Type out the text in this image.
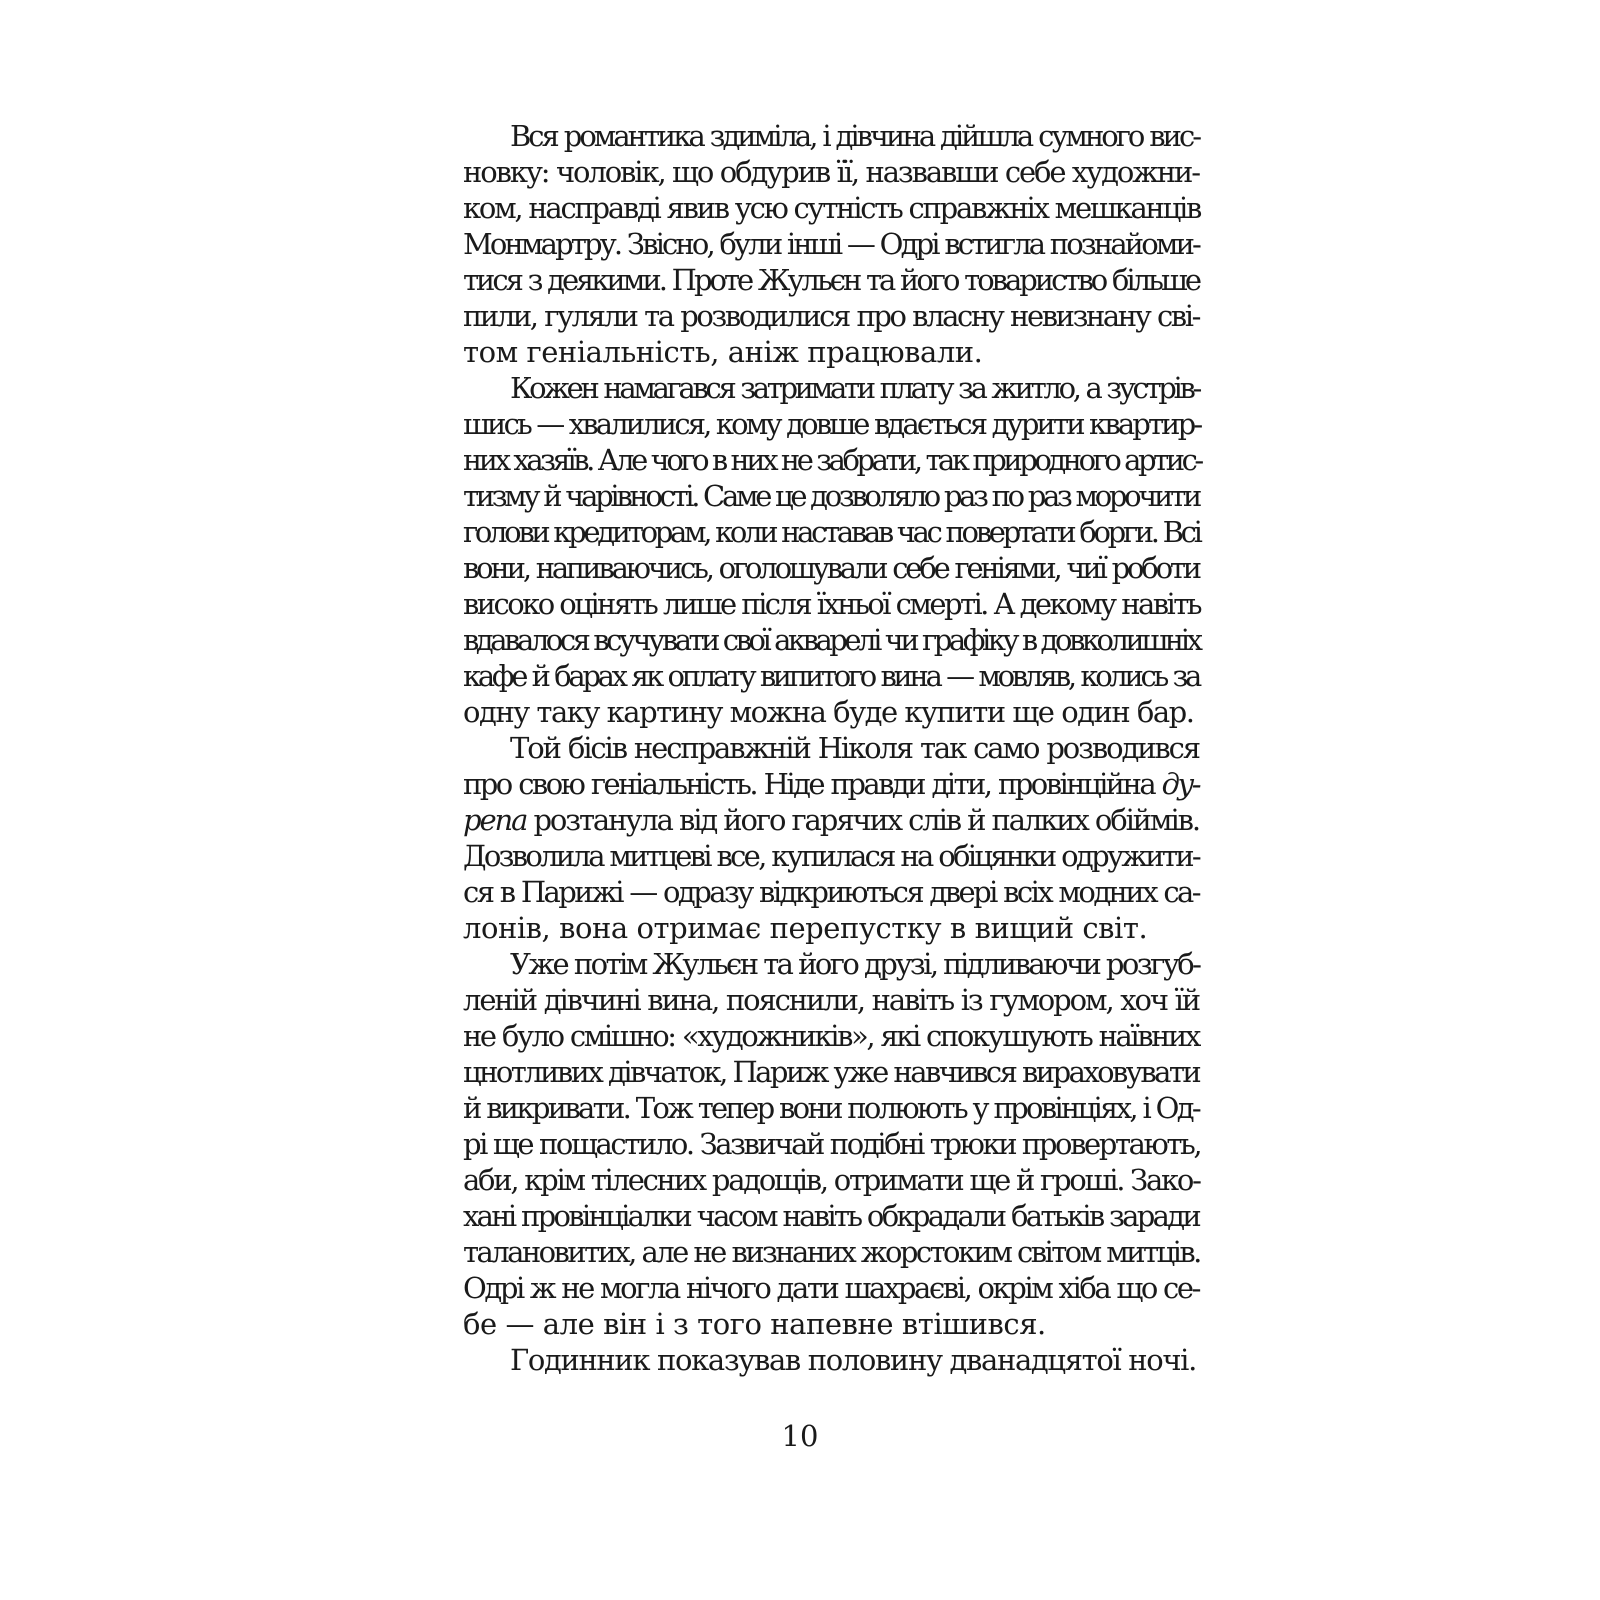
Вся романтика здиміла, і дівчина дійшла сумного вис-
новку: чоловік, що обдурив її, назвавши себе художни-
ком, насправді явив усю сутність справжніх мешканців
Монмартру. Звісно, були інші — Одрі встигла познайоми-
тися з деякими. Проте Жульєн та його товариство більше
пили, гуляли та розводилися про власну невизнану сві-
том геніальність, аніж працювали.
Кожен намагався затримати плату за житло, а зустрів-
шись — хвалилися, кому довше вдається дурити квартир-
них хазяїв. Але чого в них не забрати, так природного артис-
тизму й чарівності. Саме це дозволяло раз по раз морочити
голови кредиторам, коли наставав час повертати борги. Всі
вони, напиваючись, оголошували себе геніями, чиї роботи
високо оцінять лише після їхньої смерті. А декому навіть
вдавалося всучувати свої акварелі чи графіку в довколишніх
кафе й барах як оплату випитого вина — мовляв, колись за
одну таку картину можна буде купити ще один бар.
Той бісів несправжній Ніколя так само розводився
про свою геніальність. Ніде правди діти, провінційна ду-
репа розтанула від його гарячих слів й палких обіймів.
Дозволила митцеві все, купилася на обіцянки одружити-
ся в Парижі — одразу відкриються двері всіх модних са-
лонів, вона отримає перепустку в вищий світ.
Уже потім Жульєн та його друзі, підливаючи розгуб-
леній дівчині вина, пояснили, навіть із гумором, хоч їй
не було смішно: «художників», які спокушують наївних
цнотливих дівчаток, Париж уже навчився вираховувати
й викривати. Тож тепер вони полюють у провінціях, і Од-
рі ще пощастило. Зазвичай подібні трюки провертають,
аби, крім тілесних радощів, отримати ще й гроші. Зако-
хані провінціалки часом навіть обкрадали батьків заради
талановитих, але не визнаних жорстоким світом митців.
Одрі ж не могла нічого дати шахраєві, окрім хіба що се-
бе — але він і з того напевне втішився.
Годинник показував половину дванадцятої ночі.
10
